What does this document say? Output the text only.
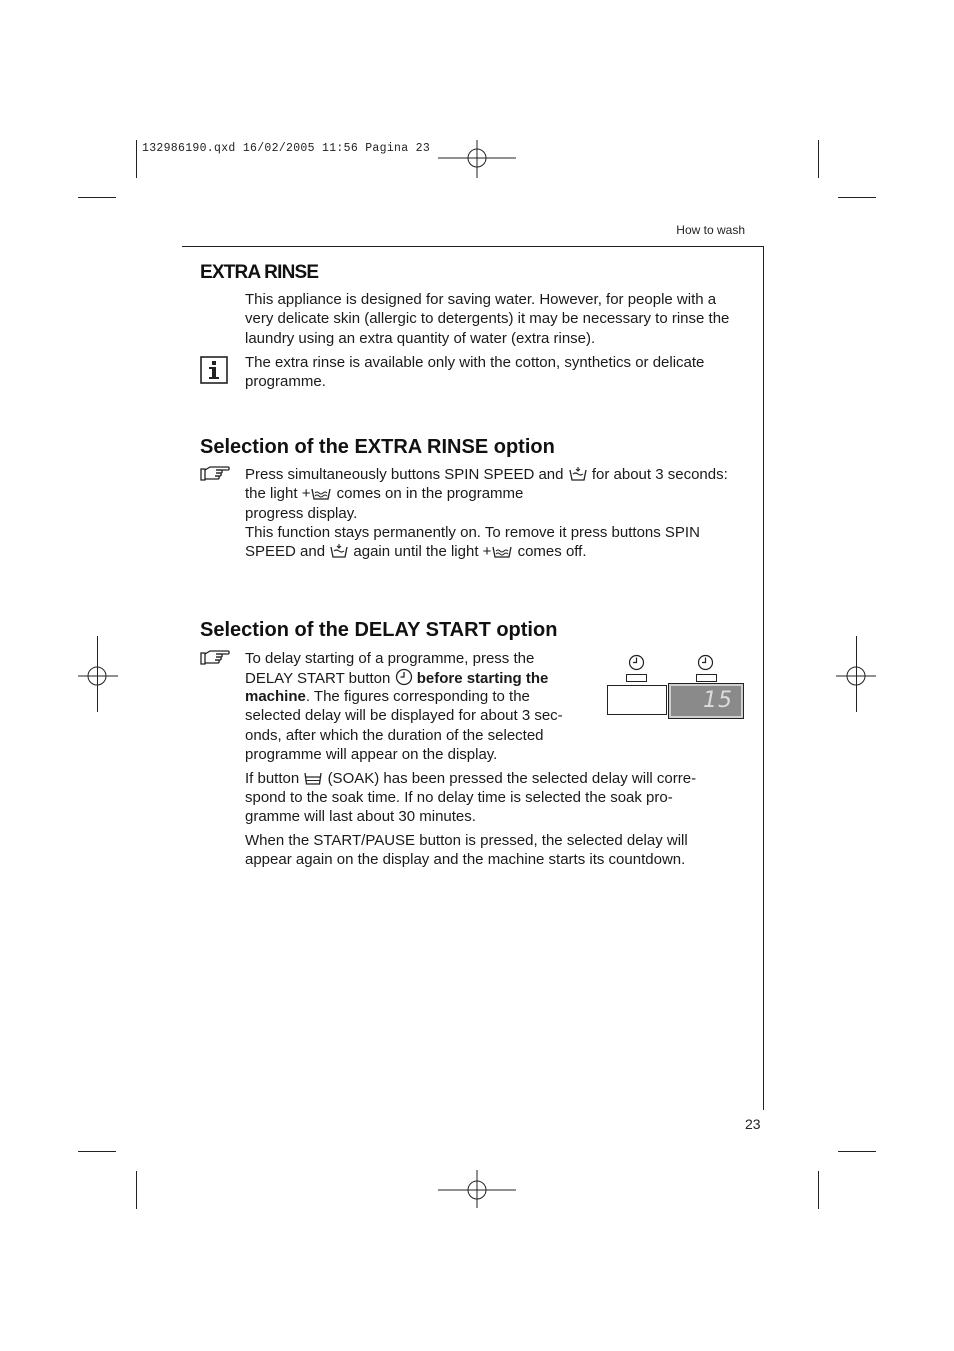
132986190.qxd 16/02/2005 11:56 Pagina 23
How to wash
EXTRA RINSE
This appliance is designed for saving water. However, for people with a very delicate skin (allergic to detergents) it may be necessary to rinse the laundry using an extra quantity of water (extra rinse).
The extra rinse is available only with the cotton, synthetics or delicate programme.
Selection of the EXTRA RINSE option
Press simultaneously buttons SPIN SPEED and for about 3 seconds:
the light + comes on in the programme
progress display.
This function stays permanently on. To remove it press buttons SPIN
SPEED and again until the light + comes off.
Selection of the DELAY START option
To delay starting of a programme, press the
DELAY START button before starting the
machine. The figures corresponding to the
selected delay will be displayed for about 3 sec-
onds, after which the duration of the selected
programme will appear on the display.
15
If button (SOAK) has been pressed the selected delay will corre-
spond to the soak time. If no delay time is selected the soak pro-
gramme will last about 30 minutes.
When the START/PAUSE button is pressed, the selected delay will
appear again on the display and the machine starts its countdown.
23
